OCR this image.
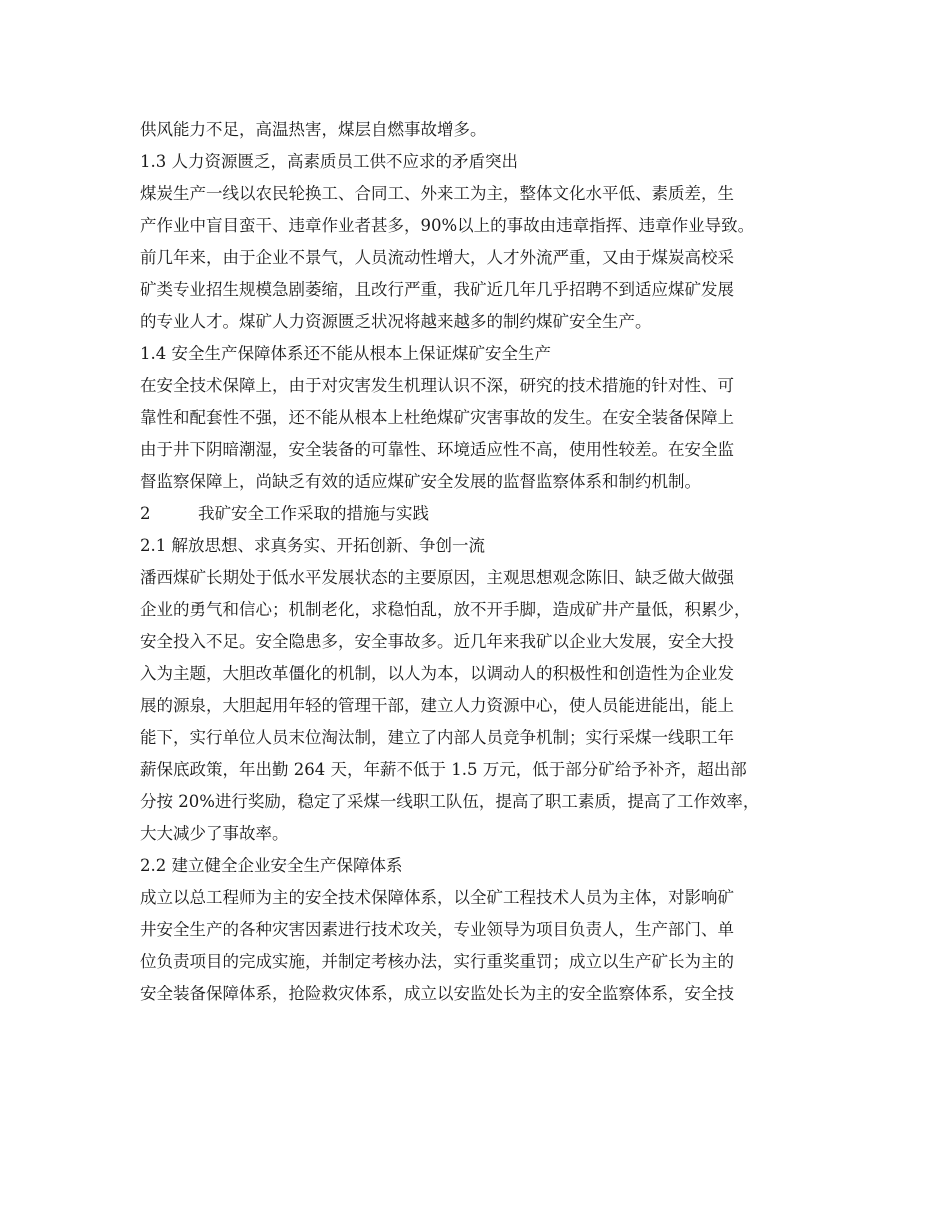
供风能力不足，高温热害，煤层自燃事故增多。
1.3 人力资源匮乏，高素质员工供不应求的矛盾突出
煤炭生产一线以农民轮换工、合同工、外来工为主，整体文化水平低、素质差，生
产作业中盲目蛮干、违章作业者甚多，90%以上的事故由违章指挥、违章作业导致。
前几年来，由于企业不景气，人员流动性增大，人才外流严重，又由于煤炭高校采
矿类专业招生规模急剧萎缩，且改行严重，我矿近几年几乎招聘不到适应煤矿发展
的专业人才。煤矿人力资源匮乏状况将越来越多的制约煤矿安全生产。
1.4 安全生产保障体系还不能从根本上保证煤矿安全生产
在安全技术保障上，由于对灾害发生机理认识不深，研究的技术措施的针对性、可
靠性和配套性不强，还不能从根本上杜绝煤矿灾害事故的发生。在安全装备保障上
由于井下阴暗潮湿，安全装备的可靠性、环境适应性不高，使用性较差。在安全监
督监察保障上，尚缺乏有效的适应煤矿安全发展的监督监察体系和制约机制。
2	我矿安全工作采取的措施与实践
2.1 解放思想、求真务实、开拓创新、争创一流
潘西煤矿长期处于低水平发展状态的主要原因，主观思想观念陈旧、缺乏做大做强
企业的勇气和信心；机制老化，求稳怕乱，放不开手脚，造成矿井产量低，积累少，
安全投入不足。安全隐患多，安全事故多。近几年来我矿以企业大发展，安全大投
入为主题，大胆改革僵化的机制，以人为本，以调动人的积极性和创造性为企业发
展的源泉，大胆起用年轻的管理干部，建立人力资源中心，使人员能进能出，能上
能下，实行单位人员末位淘汰制，建立了内部人员竞争机制；实行采煤一线职工年
薪保底政策，年出勤 264 天，年薪不低于 1.5 万元，低于部分矿给予补齐，超出部
分按 20%进行奖励，稳定了采煤一线职工队伍，提高了职工素质，提高了工作效率，
大大减少了事故率。
2.2 建立健全企业安全生产保障体系
成立以总工程师为主的安全技术保障体系，以全矿工程技术人员为主体，对影响矿
井安全生产的各种灾害因素进行技术攻关，专业领导为项目负责人，生产部门、单
位负责项目的完成实施，并制定考核办法，实行重奖重罚；成立以生产矿长为主的
安全装备保障体系，抢险救灾体系，成立以安监处长为主的安全监察体系，安全技
